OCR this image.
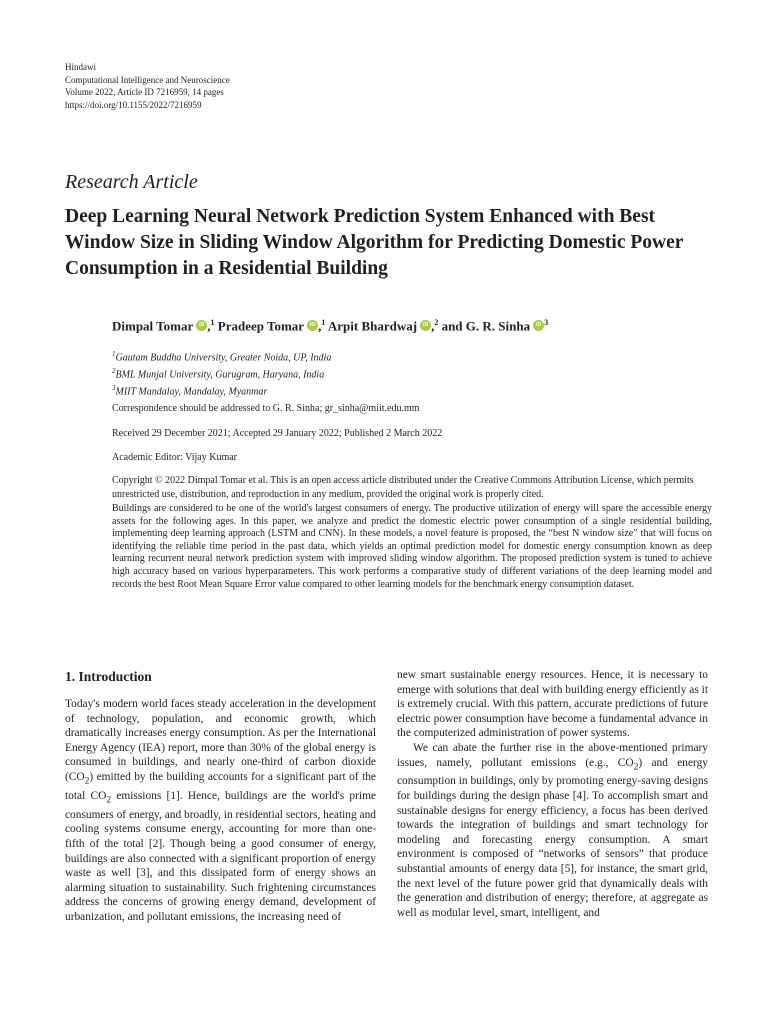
Hindawi
Computational Intelligence and Neuroscience
Volume 2022, Article ID 7216959, 14 pages
https://doi.org/10.1155/2022/7216959
Research Article
Deep Learning Neural Network Prediction System Enhanced with Best Window Size in Sliding Window Algorithm for Predicting Domestic Power Consumption in a Residential Building
Dimpal Tomar iD ,$^1$ Pradeep Tomar iD ,$^1$ Arpit Bhardwaj iD ,$^2$ and G. R. Sinha iD $^3$
$^1$Gautam Buddha University, Greater Noida, UP, India
$^2$BML Munjal University, Gurugram, Haryana, India
$^3$MIIT Mandalay, Mandalay, Myanmar
Correspondence should be addressed to G. R. Sinha; gr_sinha@miit.edu.mm
Received 29 December 2021; Accepted 29 January 2022; Published 2 March 2022
Academic Editor: Vijay Kumar
Copyright © 2022 Dimpal Tomar et al. This is an open access article distributed under the Creative Commons Attribution License, which permits unrestricted use, distribution, and reproduction in any medium, provided the original work is properly cited.

Buildings are considered to be one of the world's largest consumers of energy. The productive utilization of energy will spare the accessible energy assets for the following ages. In this paper, we analyze and predict the domestic electric power consumption of a single residential building, implementing deep learning approach (LSTM and CNN). In these models, a novel feature is proposed, the “best N window size” that will focus on identifying the reliable time period in the past data, which yields an optimal prediction model for domestic energy consumption known as deep learning recurrent neural network prediction system with improved sliding window algorithm. The proposed prediction system is tuned to achieve high accuracy based on various hyperparameters. This work performs a comparative study of different variations of the deep learning model and records the best Root Mean Square Error value compared to other learning models for the benchmark energy consumption dataset.

1. Introduction

Today's modern world faces steady acceleration in the development of technology, population, and economic growth, which dramatically increases energy consumption. As per the International Energy Agency (IEA) report, more than 30% of the global energy is consumed in buildings, and nearly one-third of carbon dioxide $(CO_2)$ emitted by the building accounts for a significant part of the total $CO_2$ emissions [1]. Hence, buildings are the world's prime consumers of energy, and broadly, in residential sectors, heating and cooling systems consume energy, accounting for more than one-fifth of the total [2]. Though being a good consumer of energy, buildings are also connected with a significant proportion of energy waste as well [3], and this dissipated form of energy shows an alarming situation to sustainability. Such frightening circumstances address the concerns of growing energy demand, development of urbanization, and pollutant emissions, the increasing need of

new smart sustainable energy resources. Hence, it is necessary to emerge with solutions that deal with building energy efficiently as it is extremely crucial. With this pattern, accurate predictions of future electric power consumption have become a fundamental advance in the computerized administration of power systems.

We can abate the further rise in the above-mentioned primary issues, namely, pollutant emissions (e.g., $CO_2$) and energy consumption in buildings, only by promoting energy-saving designs for buildings during the design phase [4]. To accomplish smart and sustainable designs for energy efficiency, a focus has been derived towards the integration of buildings and smart technology for modeling and forecasting energy consumption. A smart environment is composed of “networks of sensors” that produce substantial amounts of energy data [5], for instance, the smart grid, the next level of the future power grid that dynamically deals with the generation and distribution of energy; therefore, at aggregate as well as modular level, smart, intelligent, and
